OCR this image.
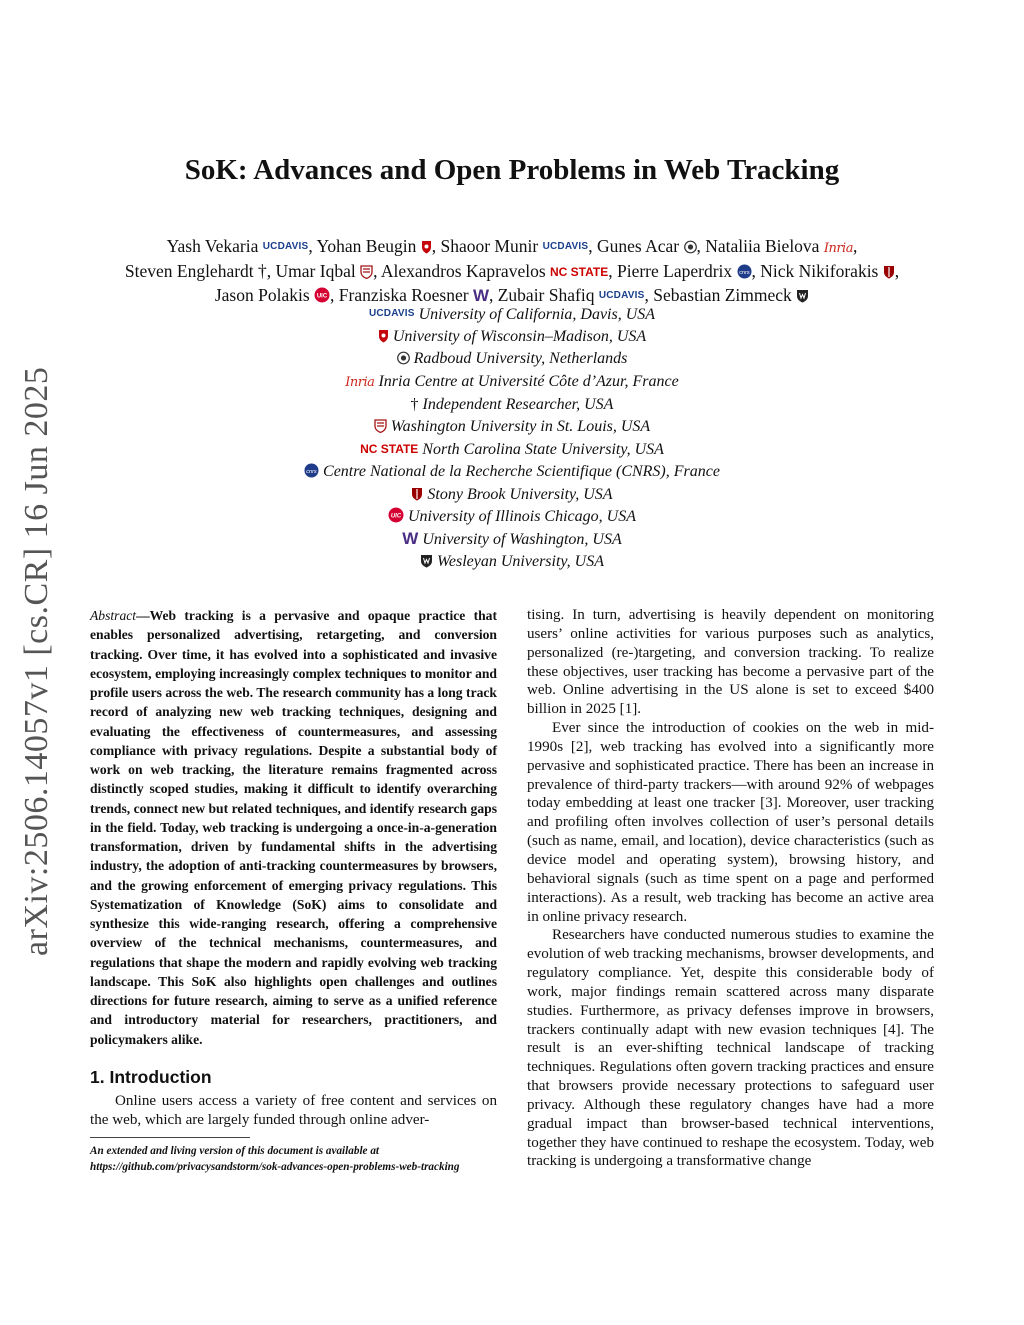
arXiv:2506.14057v1 [cs.CR] 16 Jun 2025
SoK: Advances and Open Problems in Web Tracking
Yash Vekaria UCDAVIS, Yohan Beugin , Shaoor Munir UCDAVIS, Gunes Acar , Nataliia Bielova Inria,
Steven Englehardt †, Umar Iqbal , Alexandros Kapravelos NC STATE, Pierre Laperdrix cnrs , Nick Nikiforakis ,
Jason Polakis UIC , Franziska Roesner W, Zubair Shafiq UCDAVIS, Sebastian Zimmeck
UCDAVIS University of California, Davis, USA
University of Wisconsin–Madison, USA
Radboud University, Netherlands
Inria Inria Centre at Université Côte d’Azur, France
† Independent Researcher, USA
Washington University in St. Louis, USA
NC STATE North Carolina State University, USA
cnrs Centre National de la Recherche Scientifique (CNRS), France
Stony Brook University, USA
UIC University of Illinois Chicago, USA
W University of Washington, USA
Wesleyan University, USA

Abstract—Web tracking is a pervasive and opaque practice that enables personalized advertising, retargeting, and conversion tracking. Over time, it has evolved into a sophisticated and invasive ecosystem, employing increasingly complex techniques to monitor and profile users across the web. The research community has a long track record of analyzing new web tracking techniques, designing and evaluating the effectiveness of countermeasures, and assessing compliance with privacy regulations. Despite a substantial body of work on web tracking, the literature remains fragmented across distinctly scoped studies, making it difficult to identify overarching trends, connect new but related techniques, and identify research gaps in the field. Today, web tracking is undergoing a once-in-a-generation transformation, driven by fundamental shifts in the advertising industry, the adoption of anti-tracking countermeasures by browsers, and the growing enforcement of emerging privacy regulations. This Systematization of Knowledge (SoK) aims to consolidate and synthesize this wide-ranging research, offering a comprehensive overview of the technical mechanisms, countermeasures, and regulations that shape the modern and rapidly evolving web tracking landscape. This SoK also highlights open challenges and outlines directions for future research, aiming to serve as a unified reference and introductory material for researchers, practitioners, and policymakers alike.

1. Introduction

Online users access a variety of free content and services on the web, which are largely funded through online adver-

An extended and living version of this document is available at https://github.com/privacysandstorm/sok-advances-open-problems-web-tracking

tising. In turn, advertising is heavily dependent on monitoring users’ online activities for various purposes such as analytics, personalized (re-)targeting, and conversion tracking. To realize these objectives, user tracking has become a pervasive part of the web. Online advertising in the US alone is set to exceed $400 billion in 2025 [1].

Ever since the introduction of cookies on the web in mid-1990s [2], web tracking has evolved into a significantly more pervasive and sophisticated practice. There has been an increase in prevalence of third-party trackers—with around 92% of webpages today embedding at least one tracker [3]. Moreover, user tracking and profiling often involves collection of user’s personal details (such as name, email, and location), device characteristics (such as device model and operating system), browsing history, and behavioral signals (such as time spent on a page and performed interactions). As a result, web tracking has become an active area in online privacy research.

Researchers have conducted numerous studies to examine the evolution of web tracking mechanisms, browser developments, and regulatory compliance. Yet, despite this considerable body of work, major findings remain scattered across many disparate studies. Furthermore, as privacy defenses improve in browsers, trackers continually adapt with new evasion techniques [4]. The result is an ever-shifting technical landscape of tracking techniques. Regulations often govern tracking practices and ensure that browsers provide necessary protections to safeguard user privacy. Although these regulatory changes have had a more gradual impact than browser-based technical interventions, together they have continued to reshape the ecosystem. Today, web tracking is undergoing a transformative change
